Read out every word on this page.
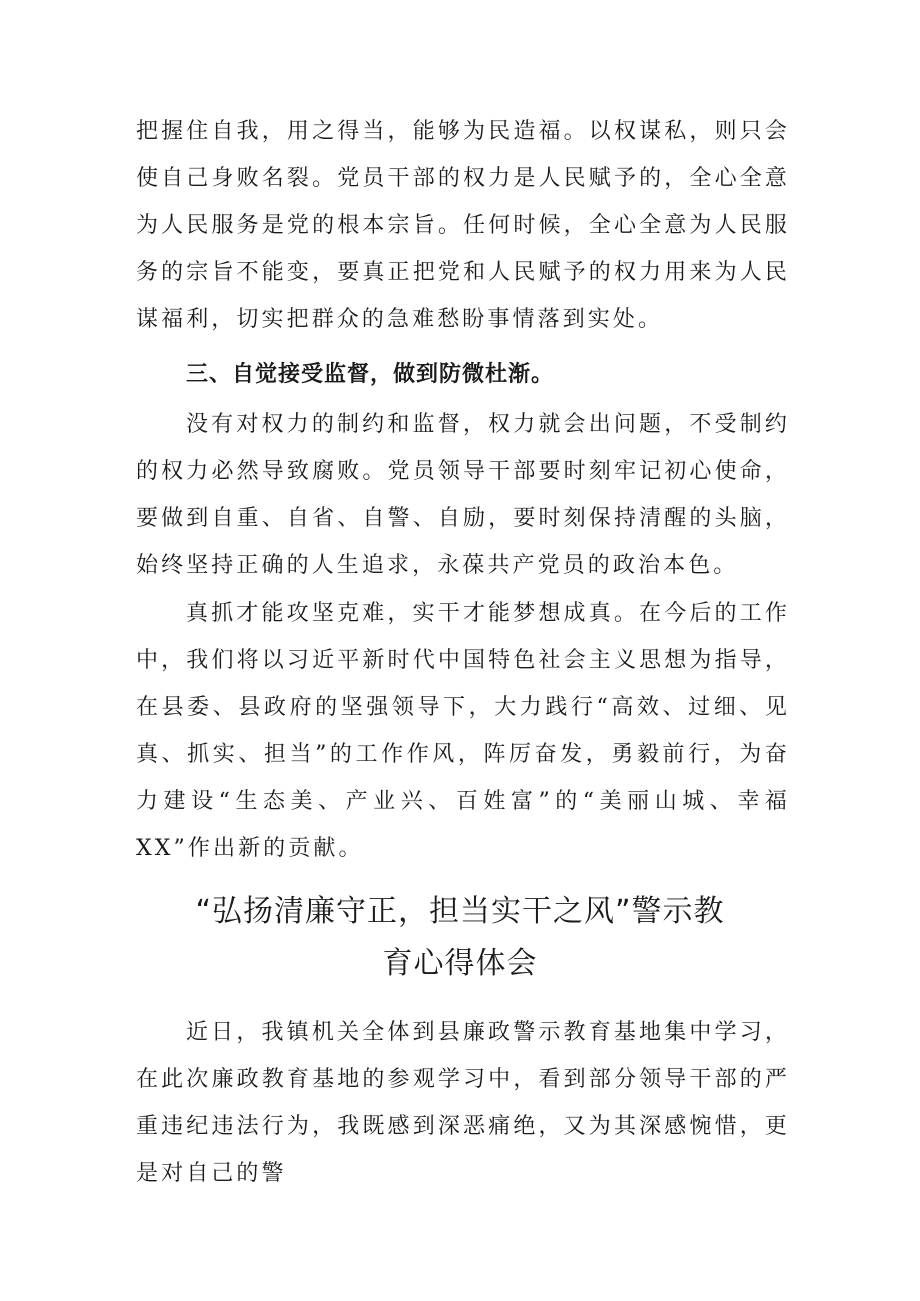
把握住自我，用之得当，能够为民造福。以权谋私，则只会使自己身败名裂。党员干部的权力是人民赋予的，全心全意为人民服务是党的根本宗旨。任何时候，全心全意为人民服务的宗旨不能变，要真正把党和人民赋予的权力用来为人民谋福利，切实把群众的急难愁盼事情落到实处。

三、自觉接受监督，做到防微杜渐。

没有对权力的制约和监督，权力就会出问题，不受制约的权力必然导致腐败。党员领导干部要时刻牢记初心使命，要做到自重、自省、自警、自励，要时刻保持清醒的头脑，始终坚持正确的人生追求，永葆共产党员的政治本色。

真抓才能攻坚克难，实干才能梦想成真。在今后的工作中，我们将以习近平新时代中国特色社会主义思想为指导，在县委、县政府的坚强领导下，大力践行“高效、过细、见真、抓实、担当”的工作作风，阵厉奋发，勇毅前行，为奋力建设“生态美、产业兴、百姓富”的“美丽山城、幸福XX”作出新的贡献。

“弘扬清廉守正，担当实干之风”警示教
育心得体会

近日，我镇机关全体到县廉政警示教育基地集中学习，在此次廉政教育基地的参观学习中，看到部分领导干部的严重违纪违法行为，我既感到深恶痛绝，又为其深感惋惜，更是对自己的警
